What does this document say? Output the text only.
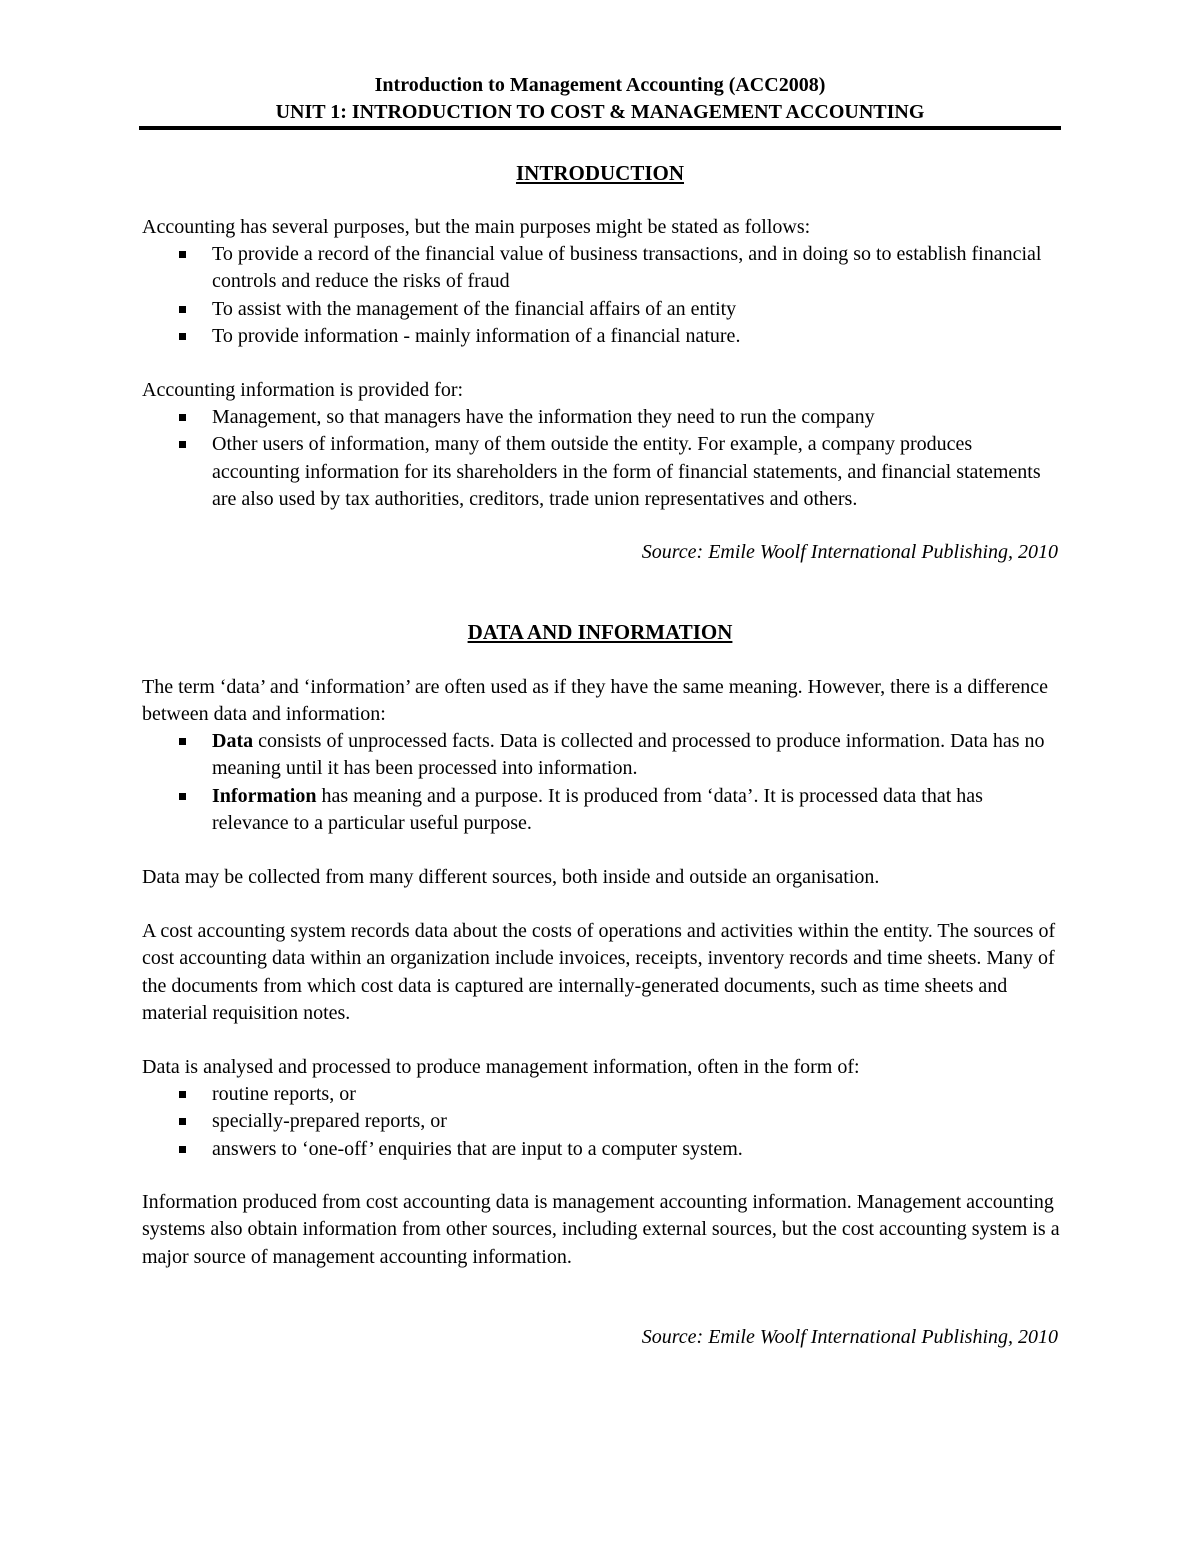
Introduction to Management Accounting (ACC2008)
UNIT 1: INTRODUCTION TO COST & MANAGEMENT ACCOUNTING
INTRODUCTION

Accounting has several purposes, but the main purposes might be stated as follows:

To provide a record of the financial value of business transactions, and in doing so to establish financial controls and reduce the risks of fraud
To assist with the management of the financial affairs of an entity
To provide information - mainly information of a financial nature.

Accounting information is provided for:

Management, so that managers have the information they need to run the company
Other users of information, many of them outside the entity. For example, a company produces accounting information for its shareholders in the form of financial statements, and financial statements are also used by tax authorities, creditors, trade union representatives and others.
Source: Emile Woolf International Publishing, 2010
DATA AND INFORMATION

The term ‘data’ and ‘information’ are often used as if they have the same meaning. However, there is a difference between data and information:

Data consists of unprocessed facts. Data is collected and processed to produce information. Data has no meaning until it has been processed into information.
Information has meaning and a purpose. It is produced from ‘data’. It is processed data that has relevance to a particular useful purpose.

Data may be collected from many different sources, both inside and outside an organisation.

A cost accounting system records data about the costs of operations and activities within the entity. The sources of cost accounting data within an organization include invoices, receipts, inventory records and time sheets. Many of the documents from which cost data is captured are internally-generated documents, such as time sheets and material requisition notes.

Data is analysed and processed to produce management information, often in the form of:

routine reports, or
specially-prepared reports, or
answers to ‘one-off’ enquiries that are input to a computer system.

Information produced from cost accounting data is management accounting information. Management accounting systems also obtain information from other sources, including external sources, but the cost accounting system is a major source of management accounting information.

Source: Emile Woolf International Publishing, 2010
